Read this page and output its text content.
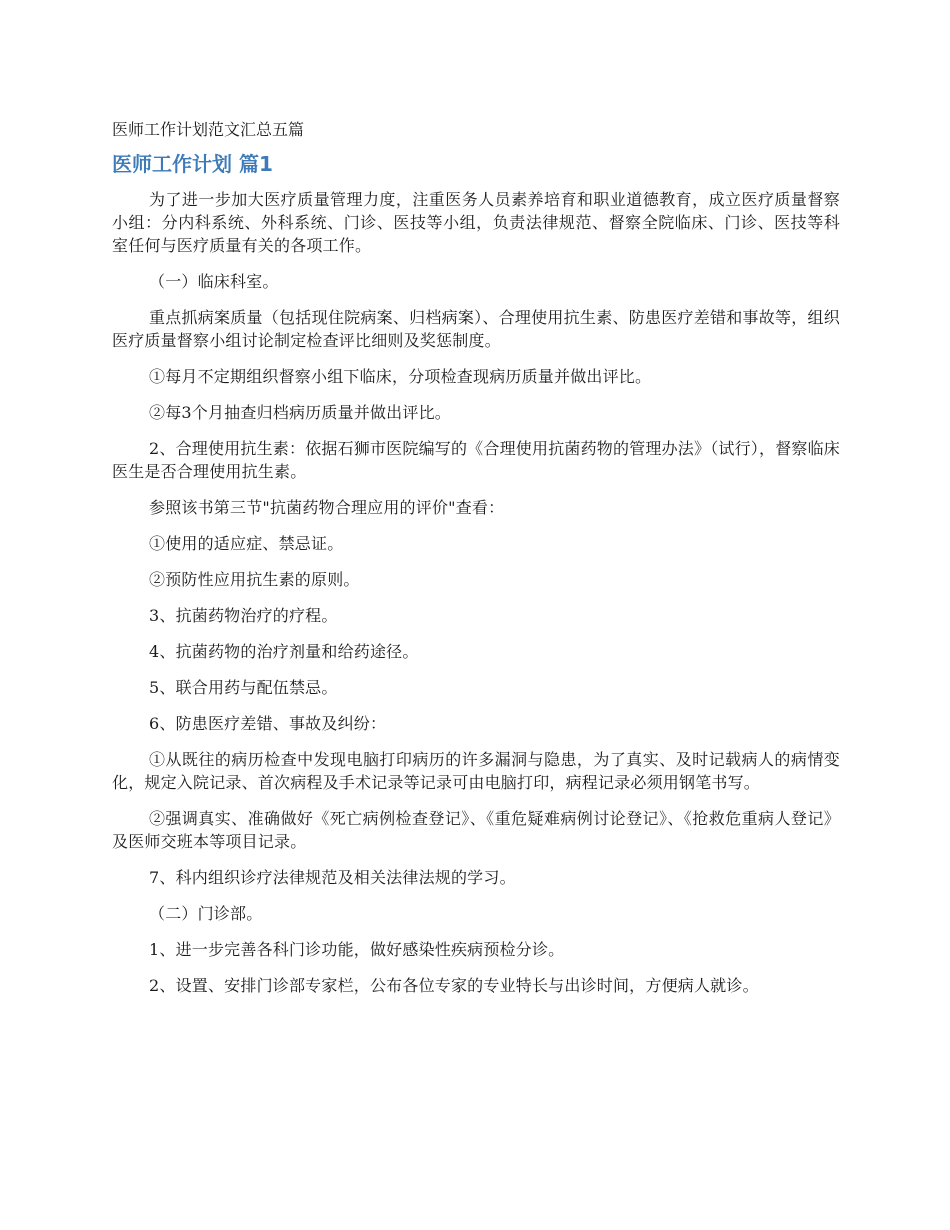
医师工作计划范文汇总五篇
医师工作计划 篇1

为了进一步加大医疗质量管理力度，注重医务人员素养培育和职业道德教育，成立医疗质量督察小组：分内科系统、外科系统、门诊、医技等小组，负责法律规范、督察全院临床、门诊、医技等科室任何与医疗质量有关的各项工作。

（一）临床科室。

重点抓病案质量（包括现住院病案、归档病案）、合理使用抗生素、防患医疗差错和事故等，组织医疗质量督察小组讨论制定检查评比细则及奖惩制度。

①每月不定期组织督察小组下临床，分项检查现病历质量并做出评比。

②每3个月抽查归档病历质量并做出评比。

2、合理使用抗生素：依据石狮市医院编写的《合理使用抗菌药物的管理办法》（试行），督察临床医生是否合理使用抗生素。

参照该书第三节"抗菌药物合理应用的评价"查看：

①使用的适应症、禁忌证。

②预防性应用抗生素的原则。

3、抗菌药物治疗的疗程。

4、抗菌药物的治疗剂量和给药途径。

5、联合用药与配伍禁忌。

6、防患医疗差错、事故及纠纷：

①从既往的病历检查中发现电脑打印病历的许多漏洞与隐患，为了真实、及时记载病人的病情变化，规定入院记录、首次病程及手术记录等记录可由电脑打印，病程记录必须用钢笔书写。

②强调真实、准确做好《死亡病例检查登记》、《重危疑难病例讨论登记》、《抢救危重病人登记》及医师交班本等项目记录。

7、科内组织诊疗法律规范及相关法律法规的学习。

（二）门诊部。

1、进一步完善各科门诊功能，做好感染性疾病预检分诊。

2、设置、安排门诊部专家栏，公布各位专家的专业特长与出诊时间，方便病人就诊。
